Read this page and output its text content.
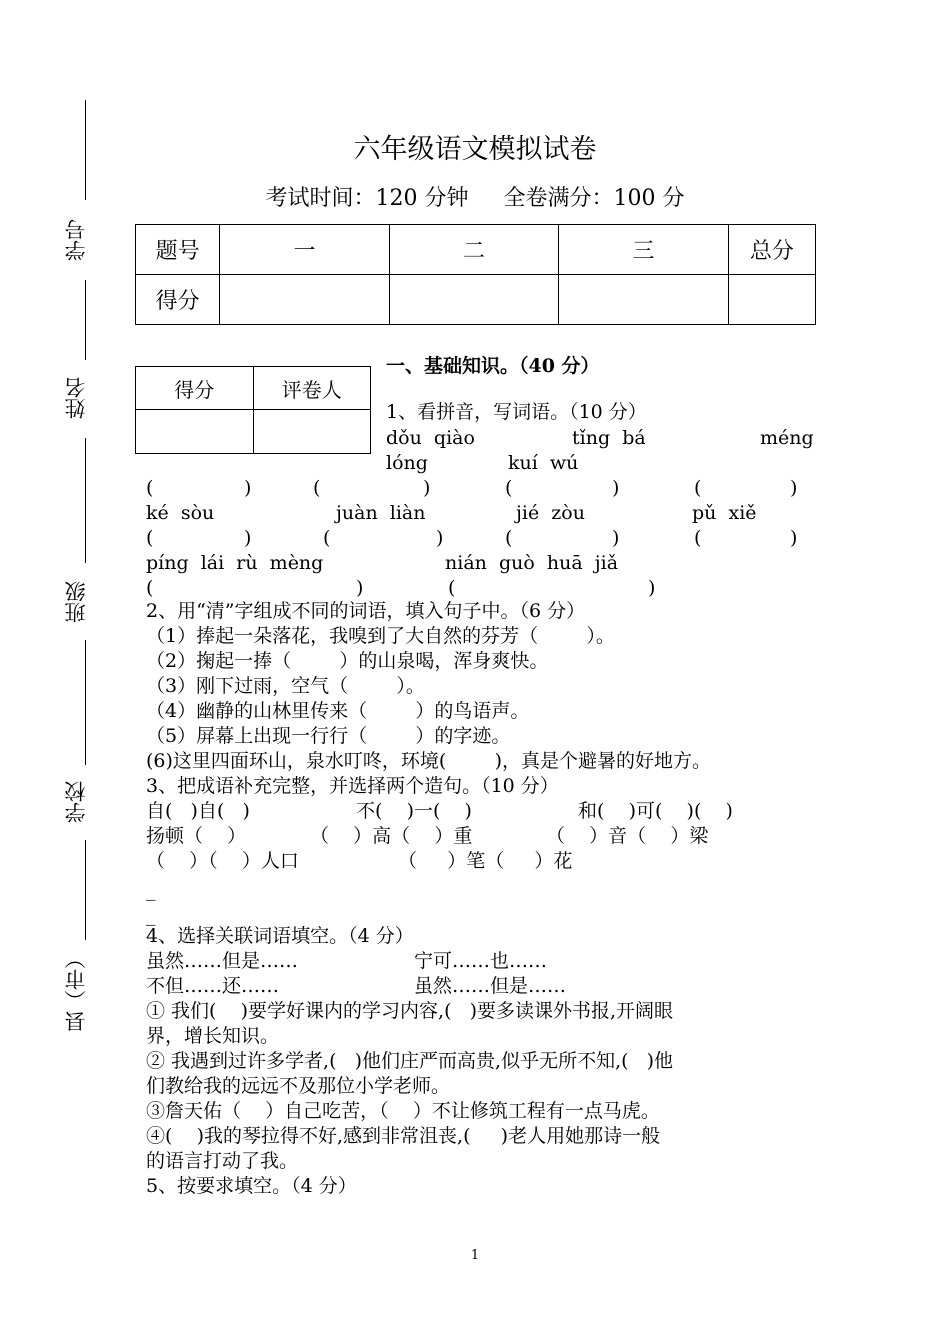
学号
姓名
班级
学校
县（市）
六年级语文模拟试卷
考试时间：120 分钟     全卷满分：100 分
题号	一	二	三	总分
得分				
得分	评卷人

一、基础知识。（40 分）
1、看拼音，写词语。（10 分）
dǒu  qiào	tǐng  bá	méng
lóng	kuí  wú
(	)	(	)	(	)	(	)
ké  sòu	juàn  liàn	jié  zòu	pǔ  xiě
(	)	(	)	(	)	(	)
píng  lái  rù  mèng	nián  guò  huā  jiǎ
(	)	(	)
2、用“清”字组成不同的词语，填入句子中。（6 分）
（1）捧起一朵落花，我嗅到了大自然的芬芳（        ）。
（2）掬起一捧（        ）的山泉喝，浑身爽快。
（3）刚下过雨，空气（        ）。
（4）幽静的山林里传来（        ）的鸟语声。
（5）屏幕上出现一行行（        ）的字迹。
(6)这里四面环山，泉水叮咚，环境(        )，真是个避暑的好地方。
3、把成语补充完整，并选择两个造句。（10 分）
自(   )自(   )	不(    )一(    )	和(    )可(    )(    )
扬顿（    ）	（    ）高（    ）重	（    ）音（    ）梁
（    ）（    ）人口	（     ）笔（     ）花
_
_
4、选择关联词语填空。（4 分）
虽然……但是……	宁可……也……
不但……还……	虽然……但是……
① 我们(    )要学好课内的学习内容,(   )要多读课外书报,开阔眼
界，增长知识。
② 我遇到过许多学者,(   )他们庄严而高贵,似乎无所不知,(   )他
们教给我的远远不及那位小学老师。
③詹天佑（    ）自己吃苦，（    ）不让修筑工程有一点马虎。
④(    )我的琴拉得不好,感到非常沮丧,(     )老人用她那诗一般
的语言打动了我。
5、按要求填空。（4 分）
1
